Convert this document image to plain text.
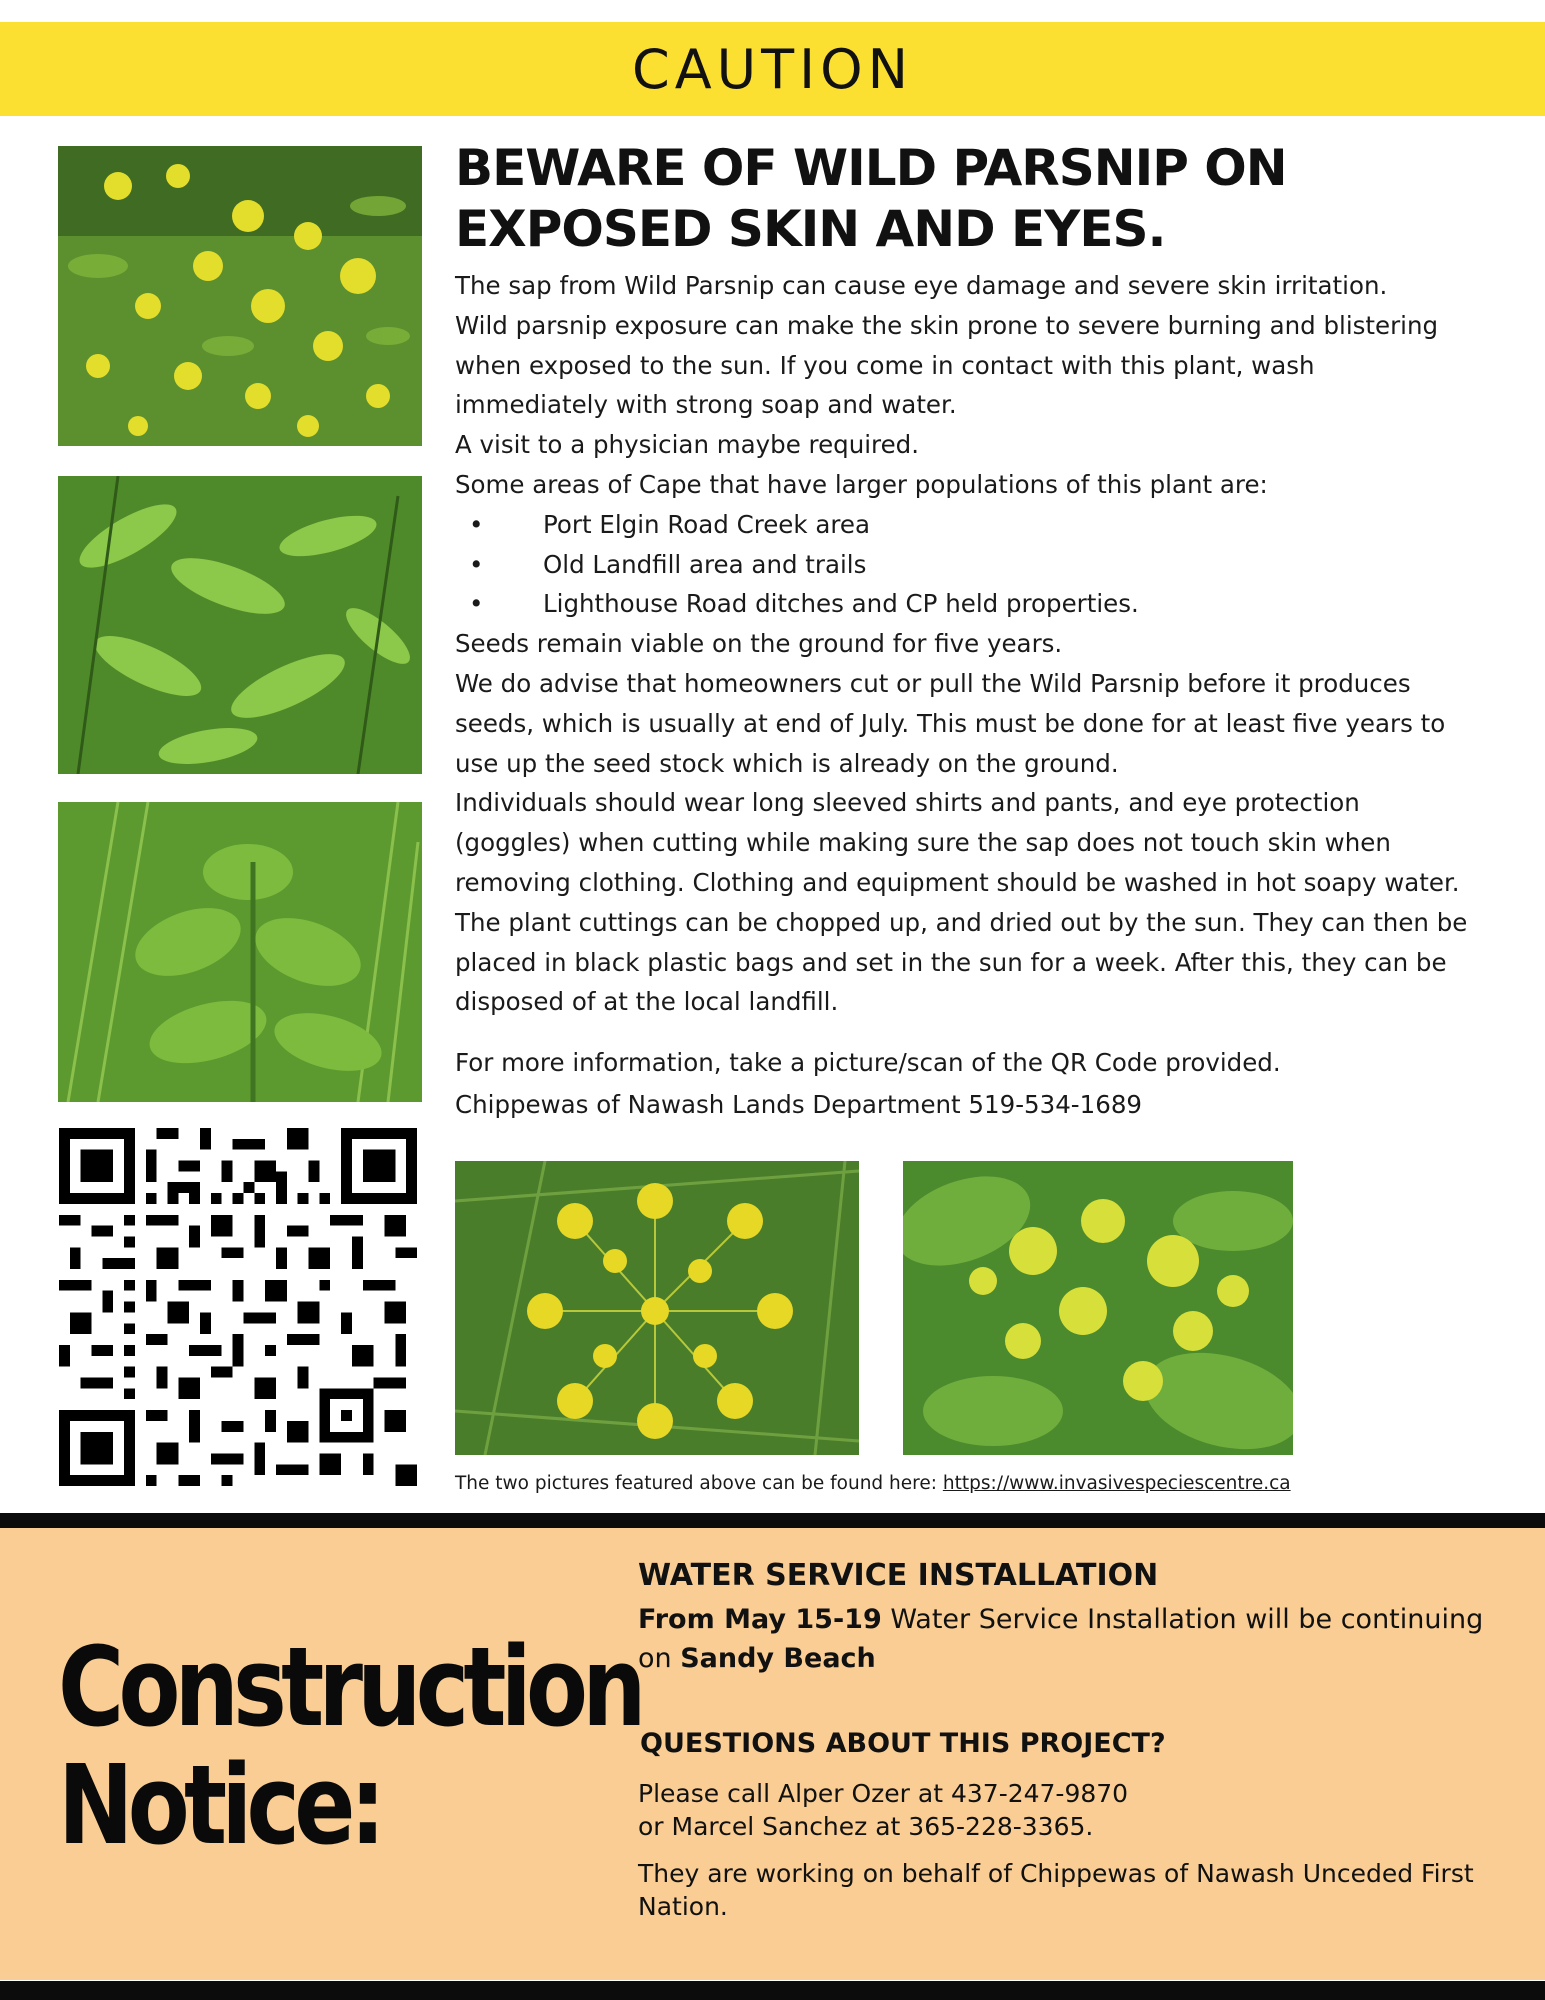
CAUTION
BEWARE OF WILD PARSNIP ON
EXPOSED SKIN AND EYES.

The sap from Wild Parsnip can cause eye damage and severe skin irritation.

Wild parsnip exposure can make the skin prone to severe burning and blistering

when exposed to the sun. If you come in contact with this plant, wash

immediately with strong soap and water.

A visit to a physician maybe required.

Some areas of Cape that have larger populations of this plant are:

• Port Elgin Road Creek area
• Old Landfill area and trails
• Lighthouse Road ditches and CP held properties.

Seeds remain viable on the ground for five years.

We do advise that homeowners cut or pull the Wild Parsnip before it produces

seeds, which is usually at end of July. This must be done for at least five years to

use up the seed stock which is already on the ground.

Individuals should wear long sleeved shirts and pants, and eye protection

(goggles) when cutting while making sure the sap does not touch skin when

removing clothing. Clothing and equipment should be washed in hot soapy water.

The plant cuttings can be chopped up, and dried out by the sun. They can then be

placed in black plastic bags and set in the sun for a week. After this, they can be

disposed of at the local landfill.

For more information, take a picture/scan of the QR Code provided.

Chippewas of Nawash Lands Department 519-534-1689

The two pictures featured above can be found here: https://www.invasivespeciescentre.ca
Construction
Notice:
WATER SERVICE INSTALLATION
From May 15-19 Water Service Installation will be continuing on Sandy Beach
QUESTIONS ABOUT THIS PROJECT?
Please call Alper Ozer at 437-247-9870
or Marcel Sanchez at 365-228-3365.
They are working on behalf of Chippewas of Nawash Unceded First Nation.
